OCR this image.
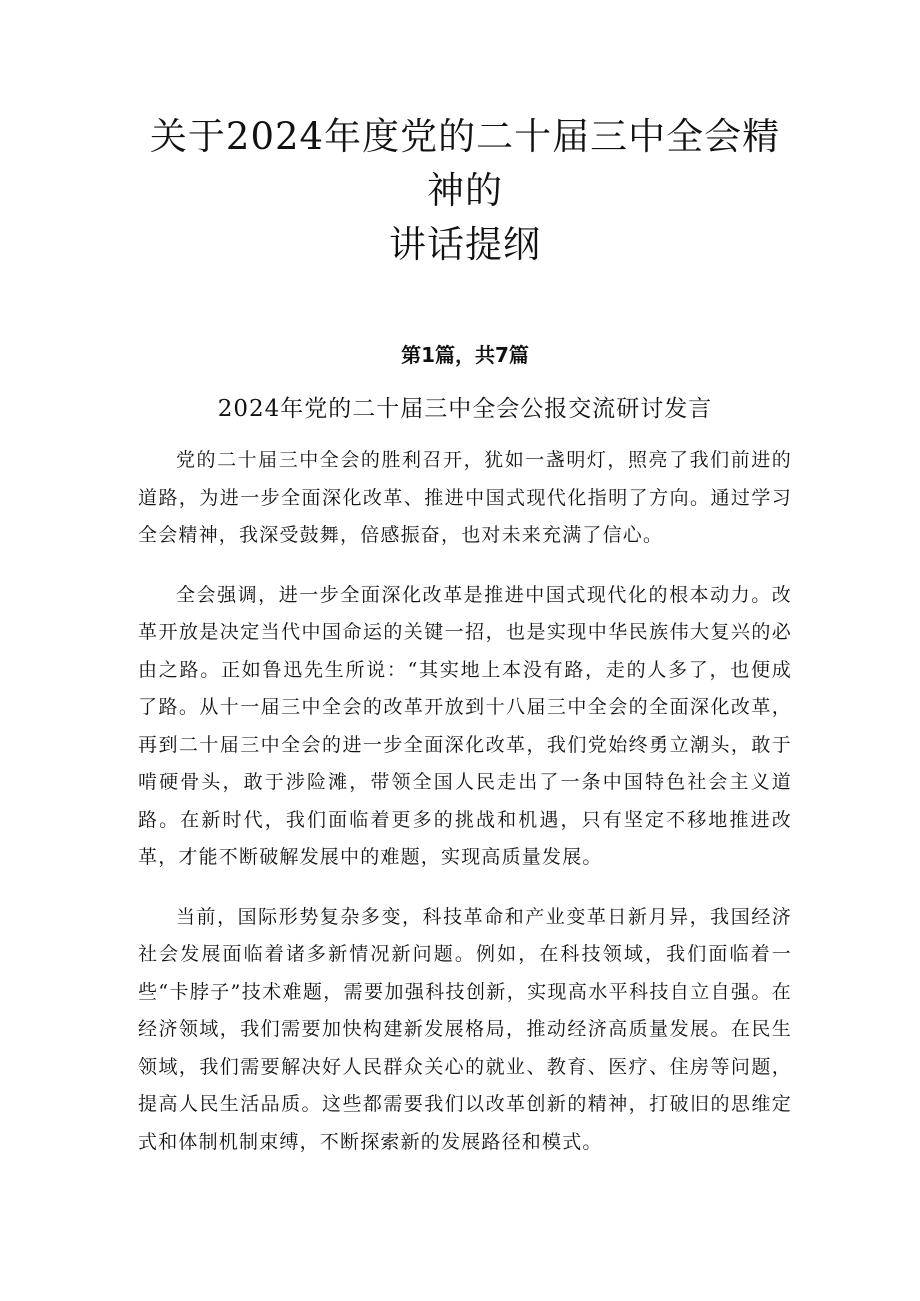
关于2024年度党的二十届三中全会精神的
讲话提纲
第1篇，共7篇
2024年党的二十届三中全会公报交流研讨发言

党的二十届三中全会的胜利召开，犹如一盏明灯，照亮了我们前进的道路，为进一步全面深化改革、推进中国式现代化指明了方向。通过学习全会精神，我深受鼓舞，倍感振奋，也对未来充满了信心。

全会强调，进一步全面深化改革是推进中国式现代化的根本动力。改革开放是决定当代中国命运的关键一招，也是实现中华民族伟大复兴的必由之路。正如鲁迅先生所说：“其实地上本没有路，走的人多了，也便成了路。从十一届三中全会的改革开放到十八届三中全会的全面深化改革，再到二十届三中全会的进一步全面深化改革，我们党始终勇立潮头，敢于啃硬骨头，敢于涉险滩，带领全国人民走出了一条中国特色社会主义道路。在新时代，我们面临着更多的挑战和机遇，只有坚定不移地推进改革，才能不断破解发展中的难题，实现高质量发展。

当前，国际形势复杂多变，科技革命和产业变革日新月异，我国经济社会发展面临着诸多新情况新问题。例如，在科技领域，我们面临着一些“卡脖子”技术难题，需要加强科技创新，实现高水平科技自立自强。在经济领域，我们需要加快构建新发展格局，推动经济高质量发展。在民生领域，我们需要解决好人民群众关心的就业、教育、医疗、住房等问题，提高人民生活品质。这些都需要我们以改革创新的精神，打破旧的思维定式和体制机制束缚，不断探索新的发展路径和模式。
